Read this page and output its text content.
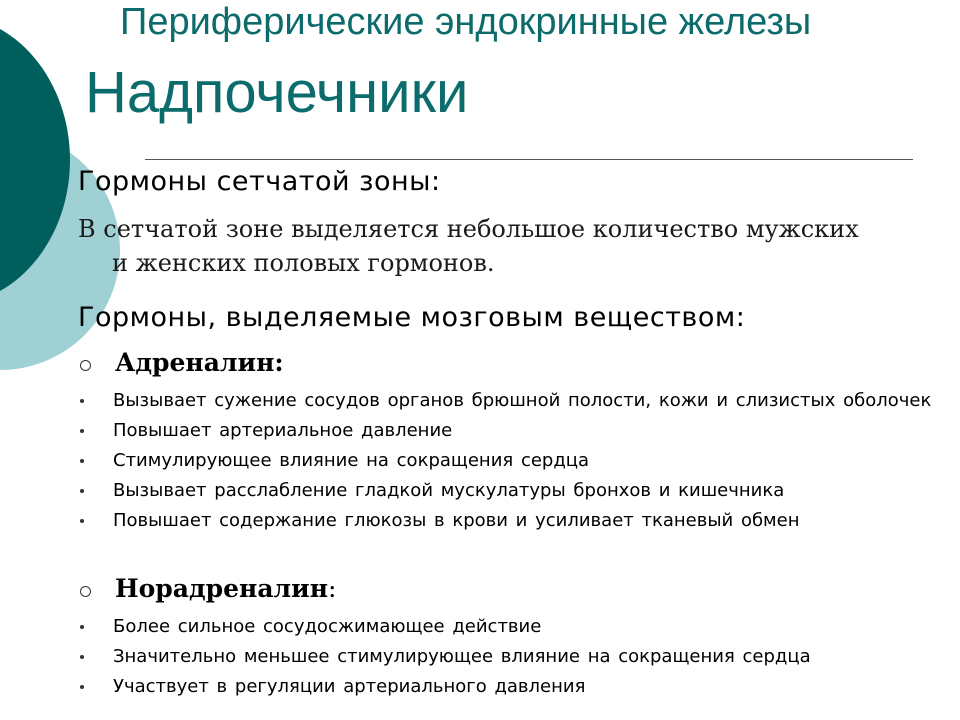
Периферические эндокринные железы
Надпочечники
Гормоны сетчатой зоны:
В сетчатой зоне выделяется небольшое количество мужских
и женских половых гормонов.
Гормоны, выделяемые мозговым веществом:
Адреналин:
Вызывает сужение сосудов органов брюшной полости, кожи и слизистых оболочек
Повышает артериальное давление
Стимулирующее влияние на сокращения сердца
Вызывает расслабление гладкой мускулатуры бронхов и кишечника
Повышает содержание глюкозы в крови и усиливает тканевый обмен
Норадреналин :
Более сильное сосудосжимающее действие
Значительно меньшее стимулирующее влияние на сокращения сердца
Участвует в регуляции артериального давления
